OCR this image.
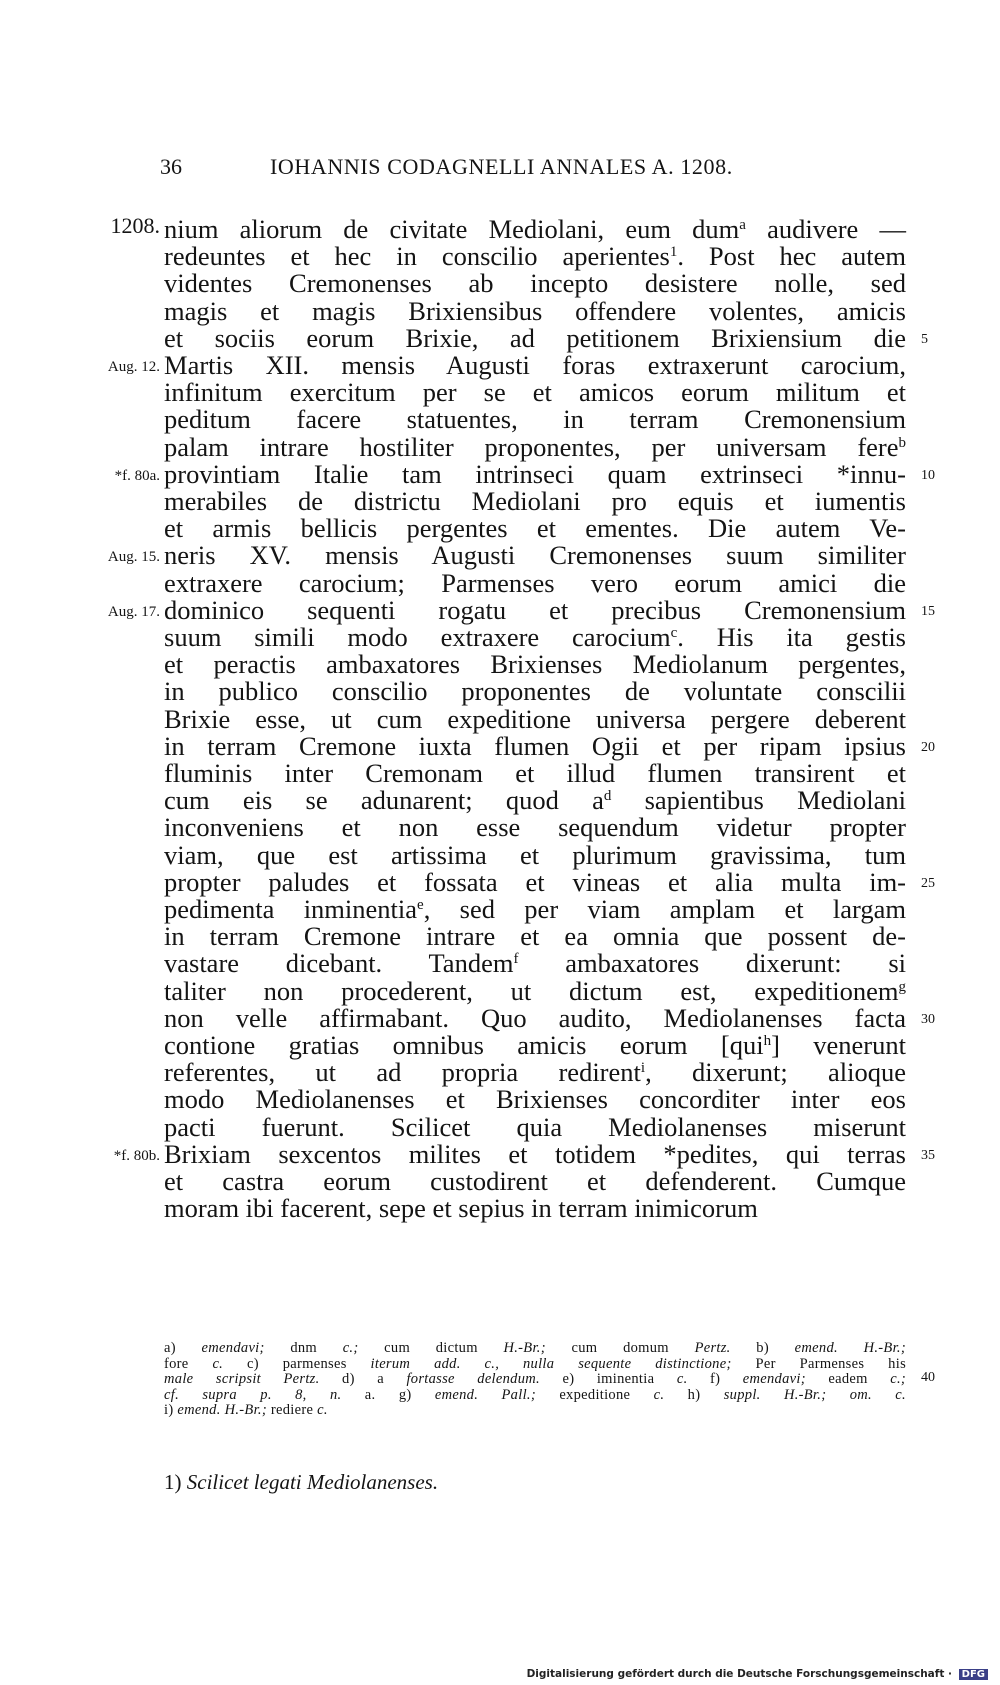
36	IOHANNIS CODAGNELLI ANNALES A. 1208.
1208. nium aliorum de civitate Mediolani, eum dum$^a$ audivere —
redeuntes et hec in conscilio aperientes$^1$. Post hec autem
videntes Cremonenses ab incepto desistere nolle, sed
magis et magis Brixiensibus offendere volentes, amicis
et sociis eorum Brixie, ad petitionem Brixiensium die 5
Aug. 12. Martis XII. mensis Augusti foras extraxerunt carocium,
infinitum exercitum per se et amicos eorum militum et
peditum facere statuentes, in terram Cremonensium
palam intrare hostiliter proponentes, per universam fere$^b$
*f. 80a. provintiam Italie tam intrinseci quam extrinseci *innu- 10
merabiles de districtu Mediolani pro equis et iumentis
et armis bellicis pergentes et ementes. Die autem Ve-
Aug. 15. neris XV. mensis Augusti Cremonenses suum similiter
extraxere carocium; Parmenses vero eorum amici die
Aug. 17. dominico sequenti rogatu et precibus Cremonensium 15
suum simili modo extraxere carocium$^c$. His ita gestis
et peractis ambaxatores Brixienses Mediolanum pergentes,
in publico conscilio proponentes de voluntate conscilii
Brixie esse, ut cum expeditione universa pergere deberent
in terram Cremone iuxta flumen Ogii et per ripam ipsius 20
fluminis inter Cremonam et illud flumen transirent et
cum eis se adunarent; quod $a^d$ sapientibus Mediolani
inconveniens et non esse sequendum videtur propter
viam, que est artissima et plurimum gravissima, tum
propter paludes et fossata et vineas et alia multa im- 25
pedimenta inminentia$^e$, sed per viam amplam et largam
in terram Cremone intrare et ea omnia que possent de-
vastare dicebant. Tandem$^f$ ambaxatores dixerunt: si
taliter non procederent, ut dictum est, expeditionem$^g$
non velle affirmabant. Quo audito, Mediolanenses facta 30
contione gratias omnibus amicis eorum [qui$^h$] venerunt
referentes, ut ad propria redirent$^i$, dixerunt; alioque
modo Mediolanenses et Brixienses concorditer inter eos
pacti fuerunt. Scilicet quia Mediolanenses miserunt
*f. 80b. Brixiam sexcentos milites et totidem *pedites, qui terras 35
et castra eorum custodirent et defenderent. Cumque
moram ibi facerent, sepe et sepius in terram inimicorum
a) emendavi; dnm c.; cum dictum H.-Br.; cum domum Pertz. b) emend. H.-Br.;
fore c. c) parmenses iterum add. c., nulla sequente distinctione; Per Parmenses his
male scripsit Pertz. d) a fortasse delendum. e) iminentia c. f) emendavi; eadem c.; 40
cf. supra p. 8, n. a. g) emend. Pall.; expeditione c. h) suppl. H.-Br.; om. c.
i) emend. H.-Br.; rediere c.
1) Scilicet legati Mediolanenses.
Digitalisierung gefördert durch die Deutsche Forschungsgemeinschaft · DFG
